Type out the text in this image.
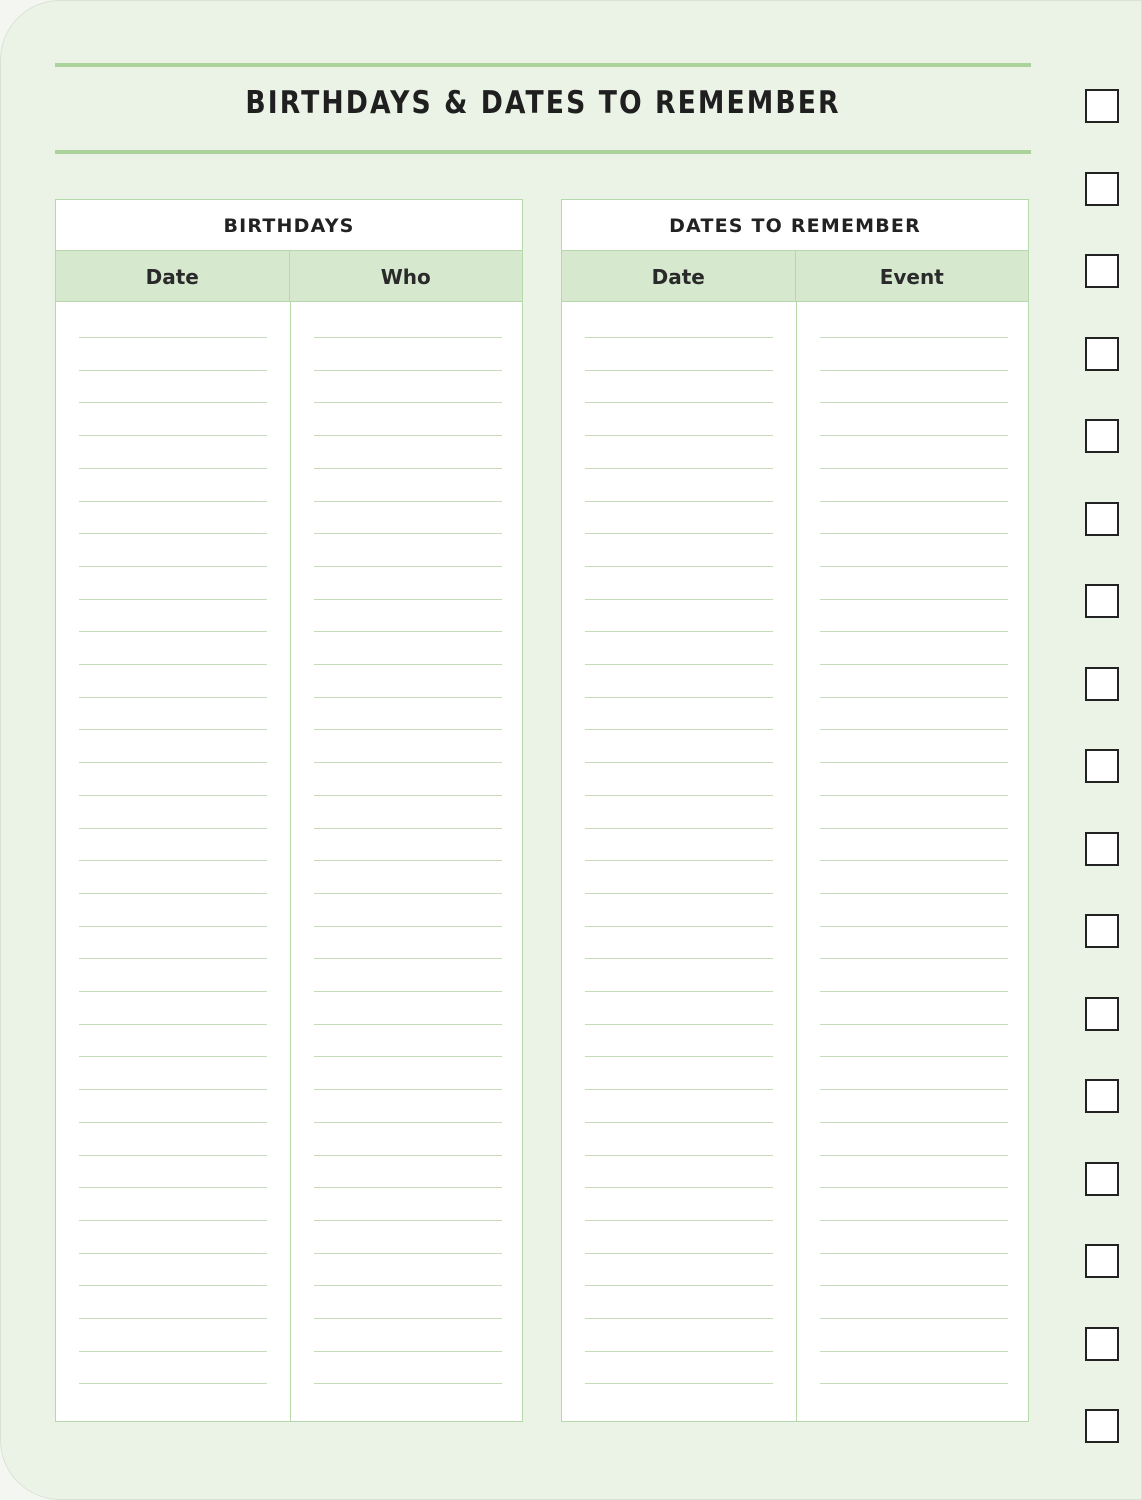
BIRTHDAYS & DATES TO REMEMBER
BIRTHDAYS
Date	Who
DATES TO REMEMBER
Date	Event
